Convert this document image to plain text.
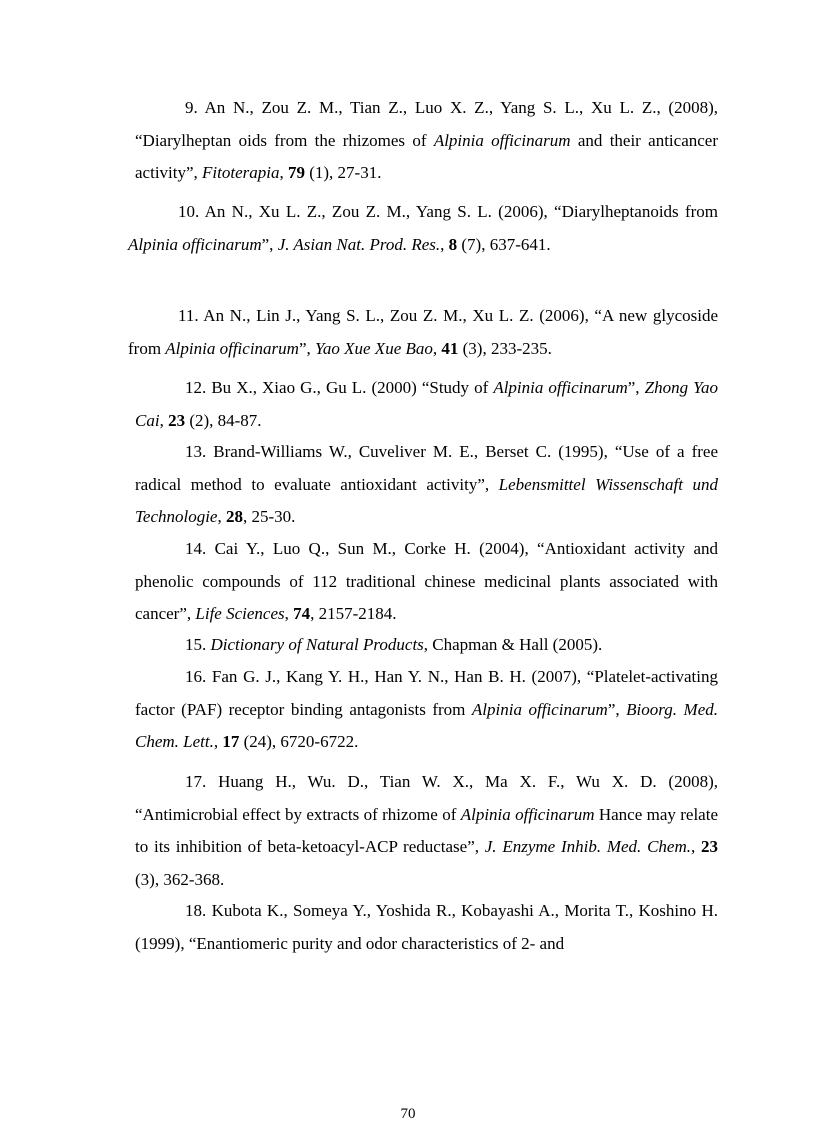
9. An N., Zou Z. M., Tian Z., Luo X. Z., Yang S. L., Xu L. Z., (2008), “Diarylheptan oids from the rhizomes of Alpinia officinarum and their anticancer activity”, Fitoterapia, 79 (1), 27-31.

10. An N., Xu L. Z., Zou Z. M., Yang S. L. (2006), “Diarylheptanoids from Alpinia officinarum”, J. Asian Nat. Prod. Res., 8 (7), 637-641.

11. An N., Lin J., Yang S. L., Zou Z. M., Xu L. Z. (2006), “A new glycoside from Alpinia officinarum”, Yao Xue Xue Bao, 41 (3), 233-235.

12. Bu X., Xiao G., Gu L. (2000) “Study of Alpinia officinarum”, Zhong Yao Cai, 23 (2), 84-87.

13. Brand-Williams W., Cuveliver M. E., Berset C. (1995), “Use of a free radical method to evaluate antioxidant activity”, Lebensmittel Wissenschaft und Technologie, 28, 25-30.

14. Cai Y., Luo Q., Sun M., Corke H. (2004), “Antioxidant activity and phenolic compounds of 112 traditional chinese medicinal plants associated with cancer”, Life Sciences, 74, 2157-2184.

15. Dictionary of Natural Products, Chapman & Hall (2005).

16. Fan G. J., Kang Y. H., Han Y. N., Han B. H. (2007), “Platelet-activating factor (PAF) receptor binding antagonists from Alpinia officinarum”, Bioorg. Med. Chem. Lett., 17 (24), 6720-6722.

17. Huang H., Wu. D., Tian W. X., Ma X. F., Wu X. D. (2008), “Antimicrobial effect by extracts of rhizome of Alpinia officinarum Hance may relate to its inhibition of beta-ketoacyl-ACP reductase”, J. Enzyme Inhib. Med. Chem., 23 (3), 362-368.

18. Kubota K., Someya Y., Yoshida R., Kobayashi A., Morita T., Koshino H. (1999), “Enantiomeric purity and odor characteristics of 2- and

70
